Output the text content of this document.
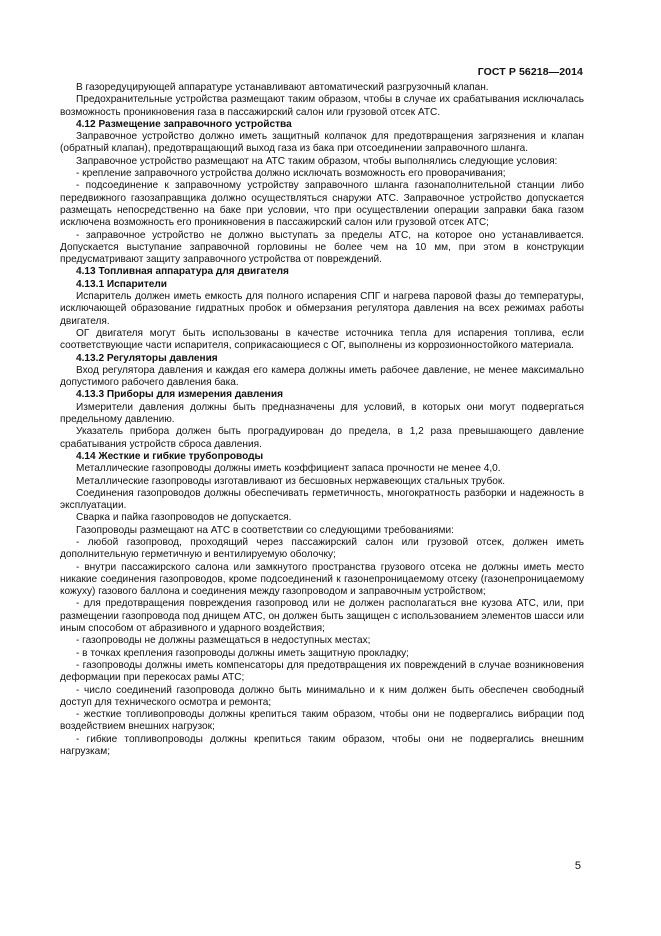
ГОСТ Р 56218—2014

В газоредуцирующей аппаратуре устанавливают автоматический разгрузочный клапан.

Предохранительные устройства размещают таким образом, чтобы в случае их срабатывания исключалась возможность проникновения газа в пассажирский салон или грузовой отсек АТС.

4.12 Размещение заправочного устройства

Заправочное устройство должно иметь защитный колпачок для предотвращения загрязнения и клапан (обратный клапан), предотвращающий выход газа из бака при отсоединении заправочного шланга.

Заправочное устройство размещают на АТС таким образом, чтобы выполнялись следующие условия:

- крепление заправочного устройства должно исключать возможность его проворачивания;

- подсоединение к заправочному устройству заправочного шланга газонаполнительной станции либо передвижного газозаправщика должно осуществляться снаружи АТС. Заправочное устройство допускается размещать непосредственно на баке при условии, что при осуществлении операции заправки бака газом исключена возможность его проникновения в пассажирский салон или грузовой отсек АТС;

- заправочное устройство не должно выступать за пределы АТС, на которое оно устанавливается. Допускается выступание заправочной горловины не более чем на 10 мм, при этом в конструкции предусматривают защиту заправочного устройства от повреждений.

4.13 Топливная аппаратура для двигателя

4.13.1 Испарители

Испаритель должен иметь емкость для полного испарения СПГ и нагрева паровой фазы до температуры, исключающей образование гидратных пробок и обмерзания регулятора давления на всех режимах работы двигателя.

ОГ двигателя могут быть использованы в качестве источника тепла для испарения топлива, если соответствующие части испарителя, соприкасающиеся с ОГ, выполнены из коррозионностойкого материала.

4.13.2 Регуляторы давления

Вход регулятора давления и каждая его камера должны иметь рабочее давление, не менее максимально допустимого рабочего давления бака.

4.13.3 Приборы для измерения давления

Измерители давления должны быть предназначены для условий, в которых они могут подвергаться предельному давлению.

Указатель прибора должен быть проградуирован до предела, в 1,2 раза превышающего давление срабатывания устройств сброса давления.

4.14 Жесткие и гибкие трубопроводы

Металлические газопроводы должны иметь коэффициент запаса прочности не менее 4,0.

Металлические газопроводы изготавливают из бесшовных нержавеющих стальных трубок.

Соединения газопроводов должны обеспечивать герметичность, многократность разборки и надежность в эксплуатации.

Сварка и пайка газопроводов не допускается.

Газопроводы размещают на АТС в соответствии со следующими требованиями:

- любой газопровод, проходящий через пассажирский салон или грузовой отсек, должен иметь дополнительную герметичную и вентилируемую оболочку;

- внутри пассажирского салона или замкнутого пространства грузового отсека не должны иметь место никакие соединения газопроводов, кроме подсоединений к газонепроницаемому отсеку (газонепроницаемому кожуху) газового баллона и соединения между газопроводом и заправочным устройством;

- для предотвращения повреждения газопровод или не должен располагаться вне кузова АТС, или, при размещении газопровода под днищем АТС, он должен быть защищен с использованием элементов шасси или иным способом от абразивного и ударного воздействия;

- газопроводы не должны размещаться в недоступных местах;

- в точках крепления газопроводы должны иметь защитную прокладку;

- газопроводы должны иметь компенсаторы для предотвращения их повреждений в случае возникновения деформации при перекосах рамы АТС;

- число соединений газопровода должно быть минимально и к ним должен быть обеспечен свободный доступ для технического осмотра и ремонта;

- жесткие топливопроводы должны крепиться таким образом, чтобы они не подвергались вибрации под воздействием внешних нагрузок;

- гибкие топливопроводы должны крепиться таким образом, чтобы они не подвергались внешним нагрузкам;

5
